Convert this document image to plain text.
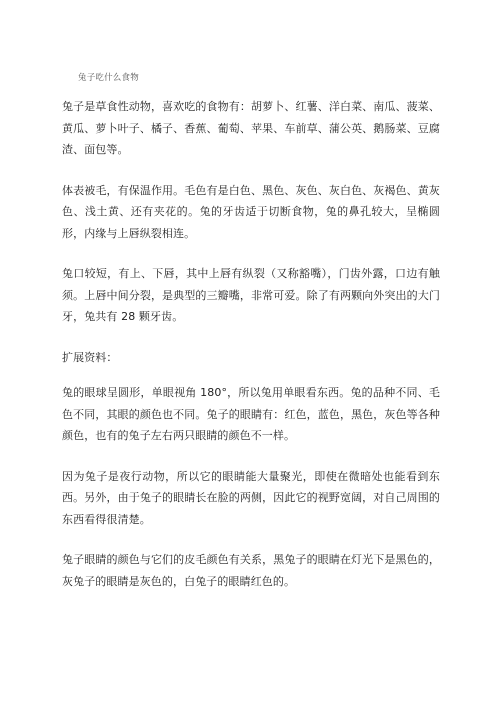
兔子吃什么食物

兔子是草食性动物，喜欢吃的食物有：胡萝卜、红薯、洋白菜、南瓜、菠菜、黄瓜、萝卜叶子、橘子、香蕉、葡萄、苹果、车前草、蒲公英、鹅肠菜、豆腐渣、面包等。

体表被毛，有保温作用。毛色有是白色、黑色、灰色、灰白色、灰褐色、黄灰色、浅土黄、还有夹花的。兔的牙齿适于切断食物，兔的鼻孔较大，呈椭圆形，内缘与上唇纵裂相连。

兔口较短，有上、下唇，其中上唇有纵裂（又称豁嘴），门齿外露，口边有触须。上唇中间分裂，是典型的三瓣嘴，非常可爱。除了有两颗向外突出的大门牙，兔共有 28 颗牙齿。

扩展资料：

兔的眼球呈圆形，单眼视角 180°，所以兔用单眼看东西。兔的品种不同、毛色不同，其眼的颜色也不同。兔子的眼睛有：红色，蓝色，黑色，灰色等各种颜色，也有的兔子左右两只眼睛的颜色不一样。

因为兔子是夜行动物，所以它的眼睛能大量聚光，即使在微暗处也能看到东西。另外，由于兔子的眼睛长在脸的两侧，因此它的视野宽阔，对自己周围的东西看得很清楚。

兔子眼睛的颜色与它们的皮毛颜色有关系，黑兔子的眼睛在灯光下是黑色的，灰兔子的眼睛是灰色的，白兔子的眼睛红色的。
